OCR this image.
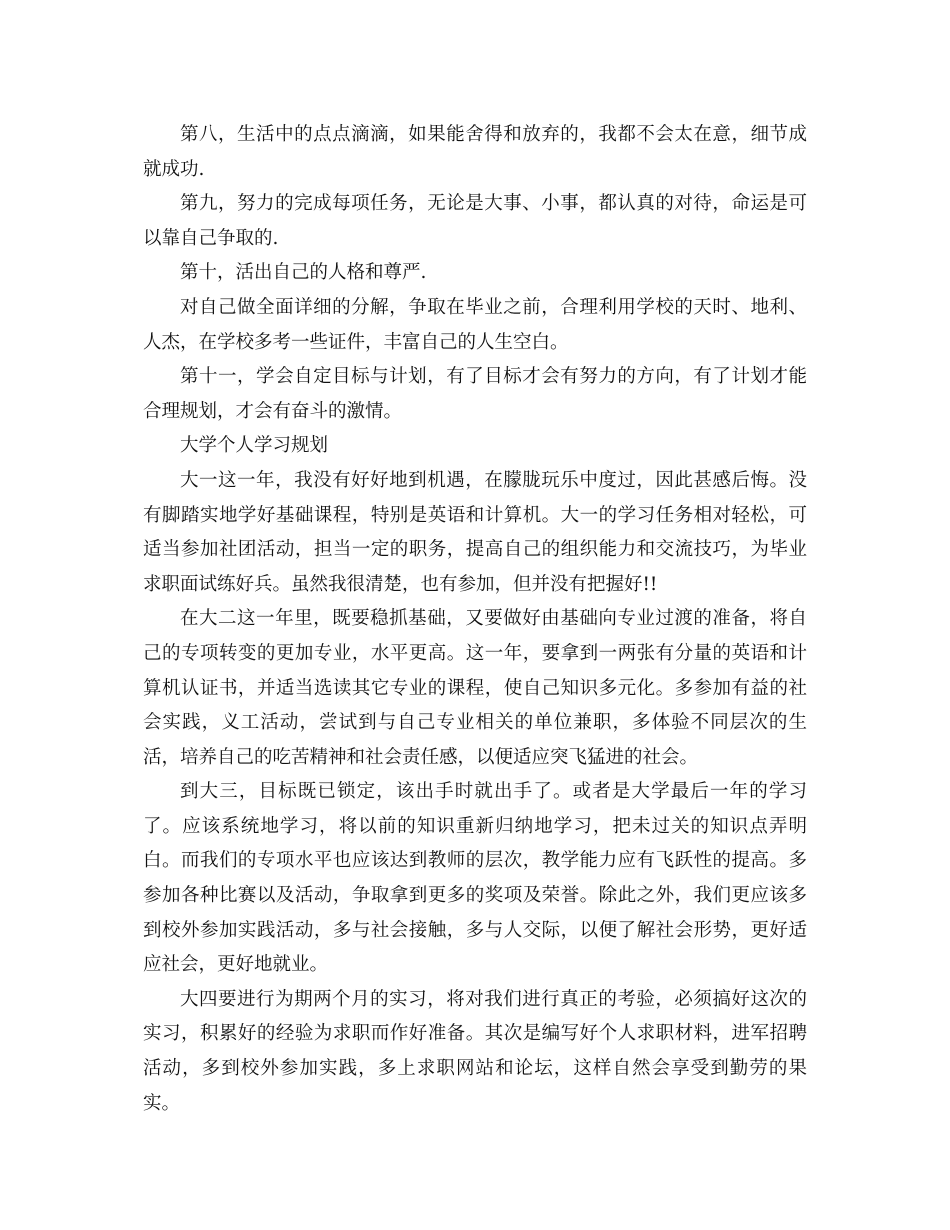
第八，生活中的点点滴滴，如果能舍得和放弃的，我都不会太在意，细节成就成功.

第九，努力的完成每项任务，无论是大事、小事，都认真的对待，命运是可以靠自己争取的.

第十，活出自己的人格和尊严.

对自己做全面详细的分解，争取在毕业之前，合理利用学校的天时、地利、人杰，在学校多考一些证件，丰富自己的人生空白。

第十一，学会自定目标与计划，有了目标才会有努力的方向，有了计划才能合理规划，才会有奋斗的激情。

大学个人学习规划

大一这一年，我没有好好地到机遇，在朦胧玩乐中度过，因此甚感后悔。没有脚踏实地学好基础课程，特别是英语和计算机。大一的学习任务相对轻松，可适当参加社团活动，担当一定的职务，提高自己的组织能力和交流技巧，为毕业求职面试练好兵。虽然我很清楚，也有参加，但并没有把握好!!

在大二这一年里，既要稳抓基础，又要做好由基础向专业过渡的准备，将自己的专项转变的更加专业，水平更高。这一年，要拿到一两张有分量的英语和计算机认证书，并适当选读其它专业的课程，使自己知识多元化。多参加有益的社会实践，义工活动，尝试到与自己专业相关的单位兼职，多体验不同层次的生活，培养自己的吃苦精神和社会责任感，以便适应突飞猛进的社会。

到大三，目标既已锁定，该出手时就出手了。或者是大学最后一年的学习了。应该系统地学习，将以前的知识重新归纳地学习，把未过关的知识点弄明白。而我们的专项水平也应该达到教师的层次，教学能力应有飞跃性的提高。多参加各种比赛以及活动，争取拿到更多的奖项及荣誉。除此之外，我们更应该多到校外参加实践活动，多与社会接触，多与人交际，以便了解社会形势，更好适应社会，更好地就业。

大四要进行为期两个月的实习，将对我们进行真正的考验，必须搞好这次的实习，积累好的经验为求职而作好准备。其次是编写好个人求职材料，进军招聘活动，多到校外参加实践，多上求职网站和论坛，这样自然会享受到勤劳的果实。
